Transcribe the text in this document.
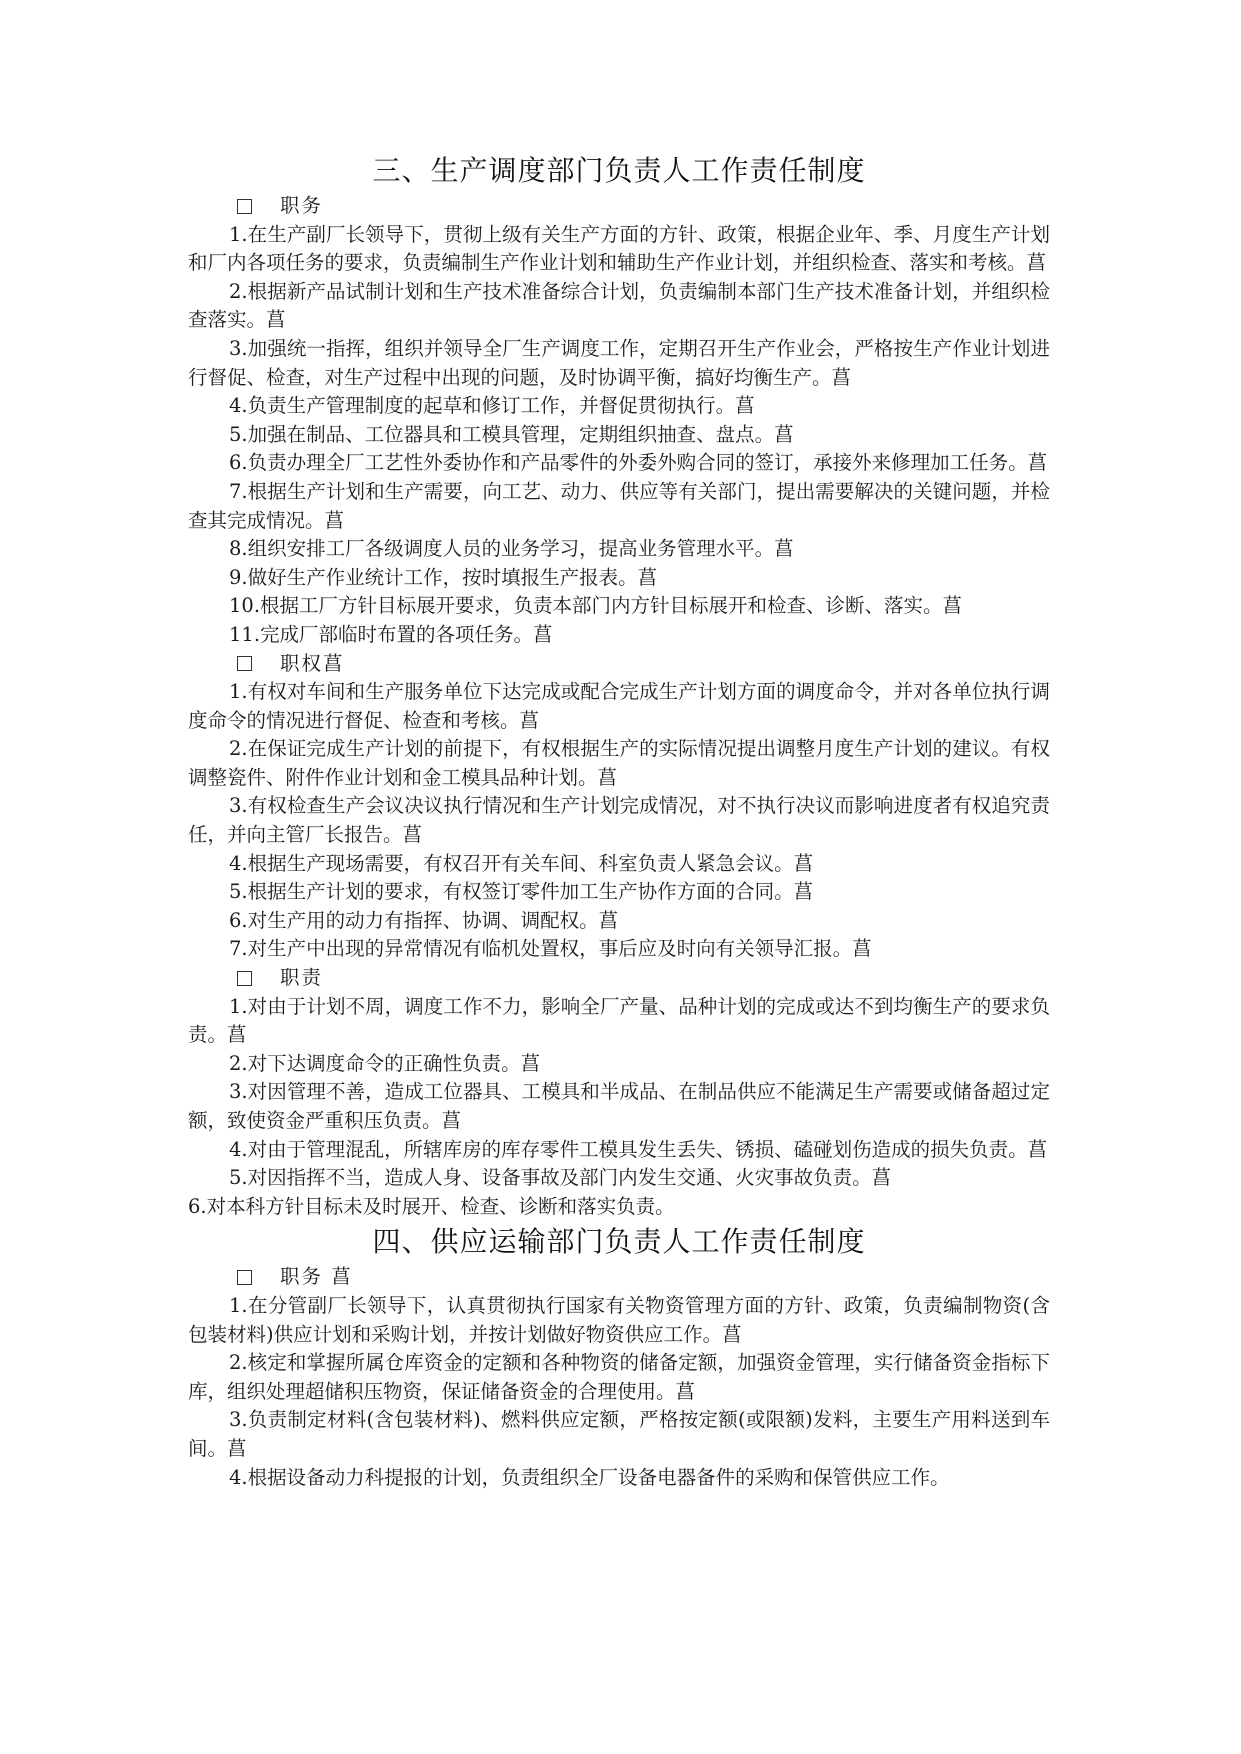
三、生产调度部门负责人工作责任制度
职务

1.在生产副厂长领导下，贯彻上级有关生产方面的方针、政策，根据企业年、季、月度生产计划和厂内各项任务的要求，负责编制生产作业计划和辅助生产作业计划，并组织检查、落实和考核。菖

2.根据新产品试制计划和生产技术准备综合计划，负责编制本部门生产技术准备计划，并组织检查落实。菖

3.加强统一指挥，组织并领导全厂生产调度工作，定期召开生产作业会，严格按生产作业计划进行督促、检查，对生产过程中出现的问题，及时协调平衡，搞好均衡生产。菖

4.负责生产管理制度的起草和修订工作，并督促贯彻执行。菖

5.加强在制品、工位器具和工模具管理，定期组织抽查、盘点。菖

6.负责办理全厂工艺性外委协作和产品零件的外委外购合同的签订，承接外来修理加工任务。菖

7.根据生产计划和生产需要，向工艺、动力、供应等有关部门，提出需要解决的关键问题，并检查其完成情况。菖

8.组织安排工厂各级调度人员的业务学习，提高业务管理水平。菖

9.做好生产作业统计工作，按时填报生产报表。菖

10.根据工厂方针目标展开要求，负责本部门内方针目标展开和检查、诊断、落实。菖

11.完成厂部临时布置的各项任务。菖

职权菖

1.有权对车间和生产服务单位下达完成或配合完成生产计划方面的调度命令，并对各单位执行调度命令的情况进行督促、检查和考核。菖

2.在保证完成生产计划的前提下，有权根据生产的实际情况提出调整月度生产计划的建议。有权调整瓷件、附件作业计划和金工模具品种计划。菖

3.有权检查生产会议决议执行情况和生产计划完成情况，对不执行决议而影响进度者有权追究责任，并向主管厂长报告。菖

4.根据生产现场需要，有权召开有关车间、科室负责人紧急会议。菖

5.根据生产计划的要求，有权签订零件加工生产协作方面的合同。菖

6.对生产用的动力有指挥、协调、调配权。菖

7.对生产中出现的异常情况有临机处置权，事后应及时向有关领导汇报。菖

职责

1.对由于计划不周，调度工作不力，影响全厂产量、品种计划的完成或达不到均衡生产的要求负责。菖

2.对下达调度命令的正确性负责。菖

3.对因管理不善，造成工位器具、工模具和半成品、在制品供应不能满足生产需要或储备超过定额，致使资金严重积压负责。菖

4.对由于管理混乱，所辖库房的库存零件工模具发生丢失、锈损、磕碰划伤造成的损失负责。菖

5.对因指挥不当，造成人身、设备事故及部门内发生交通、火灾事故负责。菖

6.对本科方针目标未及时展开、检查、诊断和落实负责。

四、供应运输部门负责人工作责任制度
职务 菖

1.在分管副厂长领导下，认真贯彻执行国家有关物资管理方面的方针、政策，负责编制物资(含包装材料)供应计划和采购计划，并按计划做好物资供应工作。菖

2.核定和掌握所属仓库资金的定额和各种物资的储备定额，加强资金管理，实行储备资金指标下库，组织处理超储积压物资，保证储备资金的合理使用。菖

3.负责制定材料(含包装材料)、燃料供应定额，严格按定额(或限额)发料，主要生产用料送到车间。菖

4.根据设备动力科提报的计划，负责组织全厂设备电器备件的采购和保管供应工作。
